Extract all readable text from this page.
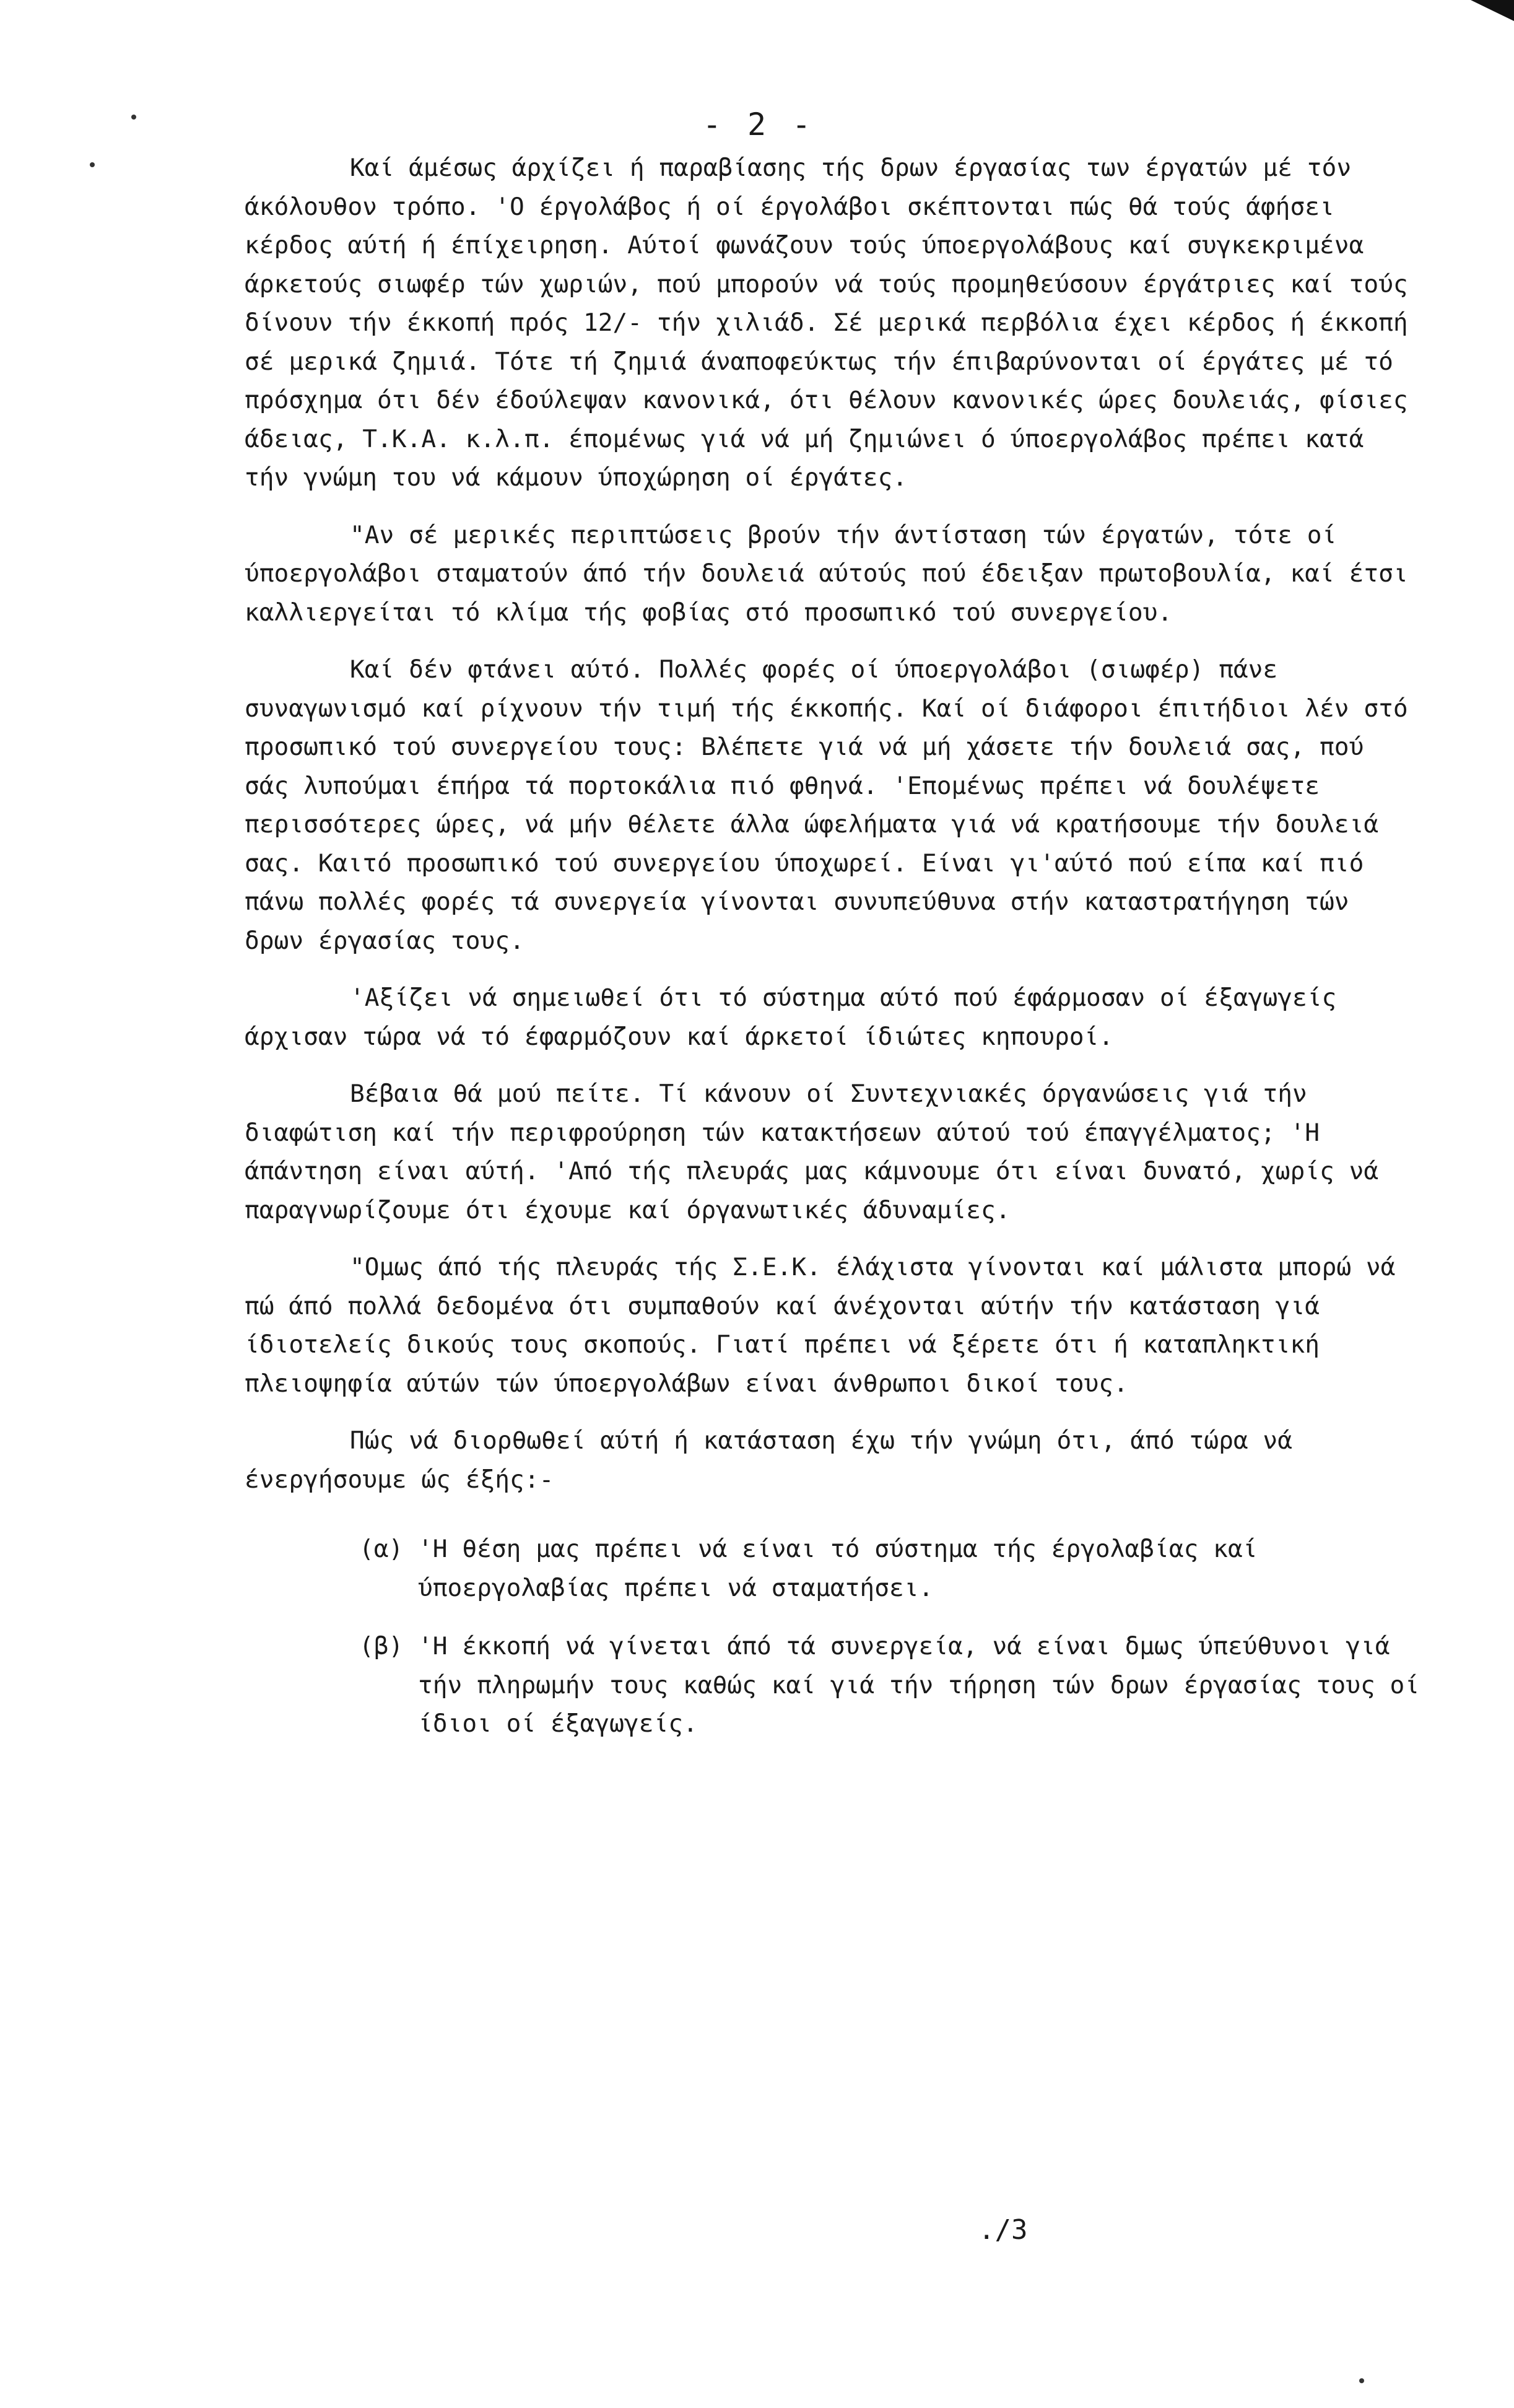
- 2 -

Καί άμέσως άρχίζει ή παραβίασης τής δρων έργασίας των έργατών μέ τόν άκόλουθον τρόπο. 'Ο έργολάβος ή οί έργολάβοι σκέπτονται πώς θά τούς άφήσει κέρδος αύτή ή έπίχειρηση. Αύτοί φωνάζουν τούς ύποεργολάβους καί συγκεκριμένα άρκετούς σιωφέρ τών χωριών, πού μπορούν νά τούς προμηθεύσουν έργάτριες καί τούς δίνουν τήν έκκοπή πρός 12/- τήν χιλιάδ. Σέ μερικά περβόλια έχει κέρδος ή έκκοπή σέ μερικά ζημιά. Τότε τή ζημιά άναποφεύκτως τήν έπιβαρύνονται οί έργάτες μέ τό πρόσχημα ότι δέν έδούλεψαν κανονικά, ότι θέλουν κανονικές ώρες δουλειάς, φίσιες άδειας, Τ.Κ.Α. κ.λ.π. έπομένως γιά νά μή ζημιώνει ό ύποεργολάβος πρέπει κατά τήν γνώμη του νά κάμουν ύποχώρηση οί έργάτες.

"Αν σέ μερικές περιπτώσεις βρούν τήν άντίσταση τών έργατών, τότε οί ύποεργολάβοι σταματούν άπό τήν δουλειά αύτούς πού έδειξαν πρωτοβουλία, καί έτσι καλλιεργείται τό κλίμα τής φοβίας στό προσωπικό τού συνεργείου.

Καί δέν φτάνει αύτό. Πολλές φορές οί ύποεργολάβοι (σιωφέρ) πάνε συναγωνισμό καί ρίχνουν τήν τιμή τής έκκοπής. Καί οί διάφοροι έπιτήδιοι λέν στό προσωπικό τού συνεργείου τους: Βλέπετε γιά νά μή χάσετε τήν δουλειά σας, πού σάς λυπούμαι έπήρα τά πορτοκάλια πιό φθηνά. 'Επομένως πρέπει νά δουλέψετε περισσότερες ώρες, νά μήν θέλετε άλλα ώφελήματα γιά νά κρατήσουμε τήν δουλειά σας. Καιτό προσωπικό τού συνεργείου ύποχωρεί. Είναι γι'αύτό πού είπα καί πιό πάνω πολλές φορές τά συνεργεία γίνονται συνυπεύθυνα στήν καταστρατήγηση τών δρων έργασίας τους.

'Αξίζει νά σημειωθεί ότι τό σύστημα αύτό πού έφάρμοσαν οί έξαγωγείς άρχισαν τώρα νά τό έφαρμόζουν καί άρκετοί ίδιώτες κηπουροί.

Βέβαια θά μού πείτε. Τί κάνουν οί Συντεχνιακές όργανώσεις γιά τήν διαφώτιση καί τήν περιφρούρηση τών κατακτήσεων αύτού τού έπαγγέλματος; 'Η άπάντηση είναι αύτή. 'Από τής πλευράς μας κάμνουμε ότι είναι δυνατό, χωρίς νά παραγνωρίζουμε ότι έχουμε καί όργανωτικές άδυναμίες.

"Ομως άπό τής πλευράς τής Σ.Ε.Κ. έλάχιστα γίνονται καί μάλιστα μπορώ νά πώ άπό πολλά δεδομένα ότι συμπαθούν καί άνέχονται αύτήν τήν κατάσταση γιά ίδιοτελείς δικούς τους σκοπούς. Γιατί πρέπει νά ξέρετε ότι ή καταπληκτική πλειοψηφία αύτών τών ύποεργολάβων είναι άνθρωποι δικοί τους.

Πώς νά διορθωθεί αύτή ή κατάσταση έχω τήν γνώμη ότι, άπό τώρα νά ένεργήσουμε ώς έξής:-

(α) 'Η θέση μας πρέπει νά είναι τό σύστημα τής έργολαβίας καί ύποεργολαβίας πρέπει νά σταματήσει.
(β) 'Η έκκοπή νά γίνεται άπό τά συνεργεία, νά είναι δμως ύπεύθυνοι γιά τήν πληρωμήν τους καθώς καί γιά τήν τήρηση τών δρων έργασίας τους οί ίδιοι οί έξαγωγείς.
./3
